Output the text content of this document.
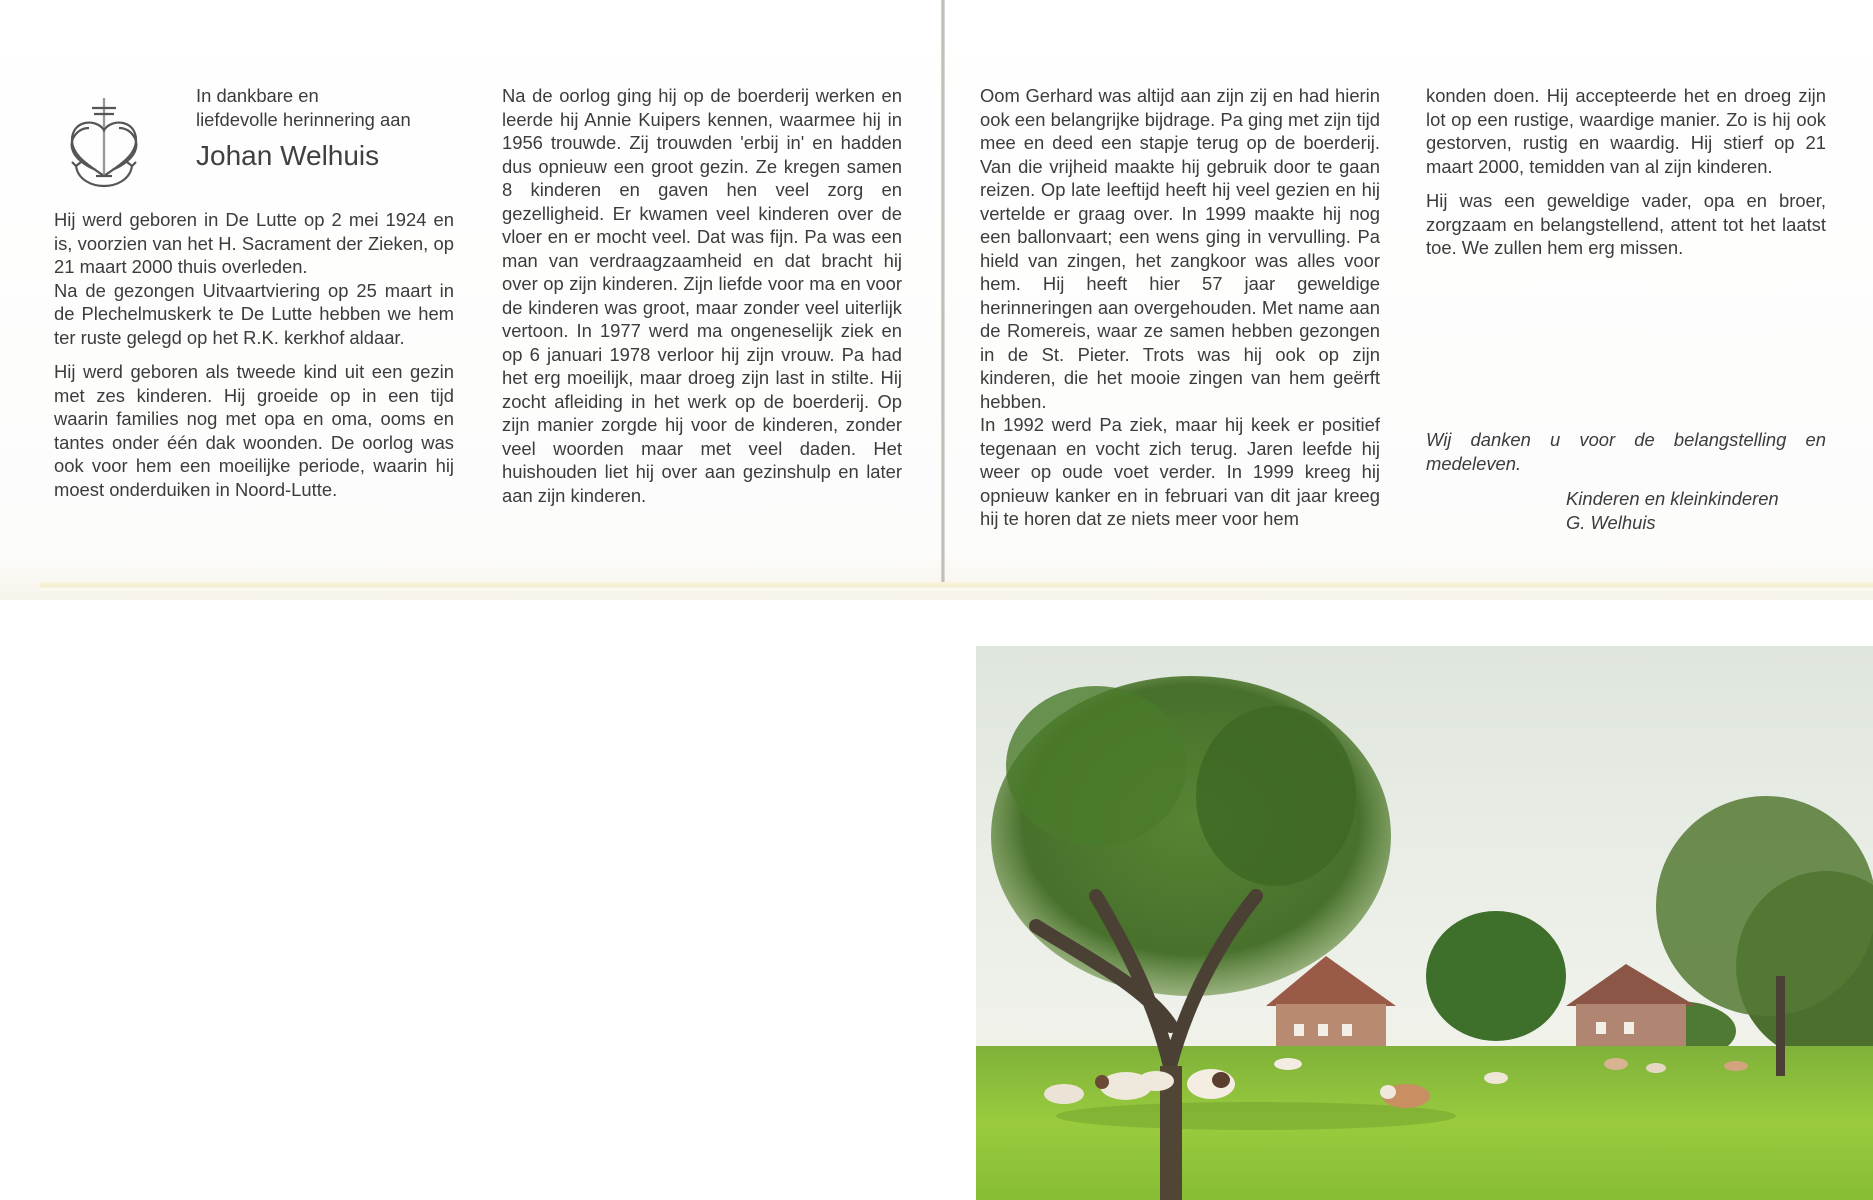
In dankbare en
liefdevolle herinnering aan
Johan Welhuis

Hij werd geboren in De Lutte op 2 mei 1924 en is, voorzien van het H. Sacrament der Zieken, op 21 maart 2000 thuis overleden.

Na de gezongen Uitvaartviering op 25 maart in de Plechelmuskerk te De Lutte hebben we hem ter ruste gelegd op het R.K. kerkhof aldaar.

Hij werd geboren als tweede kind uit een gezin met zes kinderen. Hij groeide op in een tijd waarin families nog met opa en oma, ooms en tantes onder één dak woonden. De oorlog was ook voor hem een moeilijke periode, waarin hij moest onderduiken in Noord-Lutte.

Na de oorlog ging hij op de boerderij werken en leerde hij Annie Kuipers kennen, waarmee hij in 1956 trouwde. Zij trouwden 'erbij in' en hadden dus opnieuw een groot gezin. Ze kregen samen 8 kinderen en gaven hen veel zorg en gezelligheid. Er kwamen veel kinderen over de vloer en er mocht veel. Dat was fijn. Pa was een man van verdraagzaamheid en dat bracht hij over op zijn kinderen. Zijn liefde voor ma en voor de kinderen was groot, maar zonder veel uiterlijk vertoon. In 1977 werd ma ongeneselijk ziek en op 6 januari 1978 verloor hij zijn vrouw. Pa had het erg moeilijk, maar droeg zijn last in stilte. Hij zocht afleiding in het werk op de boerderij. Op zijn manier zorgde hij voor de kinderen, zonder veel woorden maar met veel daden. Het huishouden liet hij over aan gezinshulp en later aan zijn kinderen.

Oom Gerhard was altijd aan zijn zij en had hierin ook een belangrijke bijdrage. Pa ging met zijn tijd mee en deed een stapje terug op de boerderij. Van die vrijheid maakte hij gebruik door te gaan reizen. Op late leeftijd heeft hij veel gezien en hij vertelde er graag over. In 1999 maakte hij nog een ballonvaart; een wens ging in vervulling. Pa hield van zingen, het zangkoor was alles voor hem. Hij heeft hier 57 jaar geweldige herinneringen aan overgehouden. Met name aan de Romereis, waar ze samen hebben gezongen in de St. Pieter. Trots was hij ook op zijn kinderen, die het mooie zingen van hem geërft hebben.

In 1992 werd Pa ziek, maar hij keek er positief tegenaan en vocht zich terug. Jaren leefde hij weer op oude voet verder. In 1999 kreeg hij opnieuw kanker en in februari van dit jaar kreeg hij te horen dat ze niets meer voor hem

konden doen. Hij accepteerde het en droeg zijn lot op een rustige, waardige manier. Zo is hij ook gestorven, rustig en waardig. Hij stierf op 21 maart 2000, temidden van al zijn kinderen.

Hij was een geweldige vader, opa en broer, zorgzaam en belangstellend, attent tot het laatst toe. We zullen hem erg missen.

Wij danken u voor de belangstelling en medeleven.
Kinderen en kleinkinderen
G. Welhuis
